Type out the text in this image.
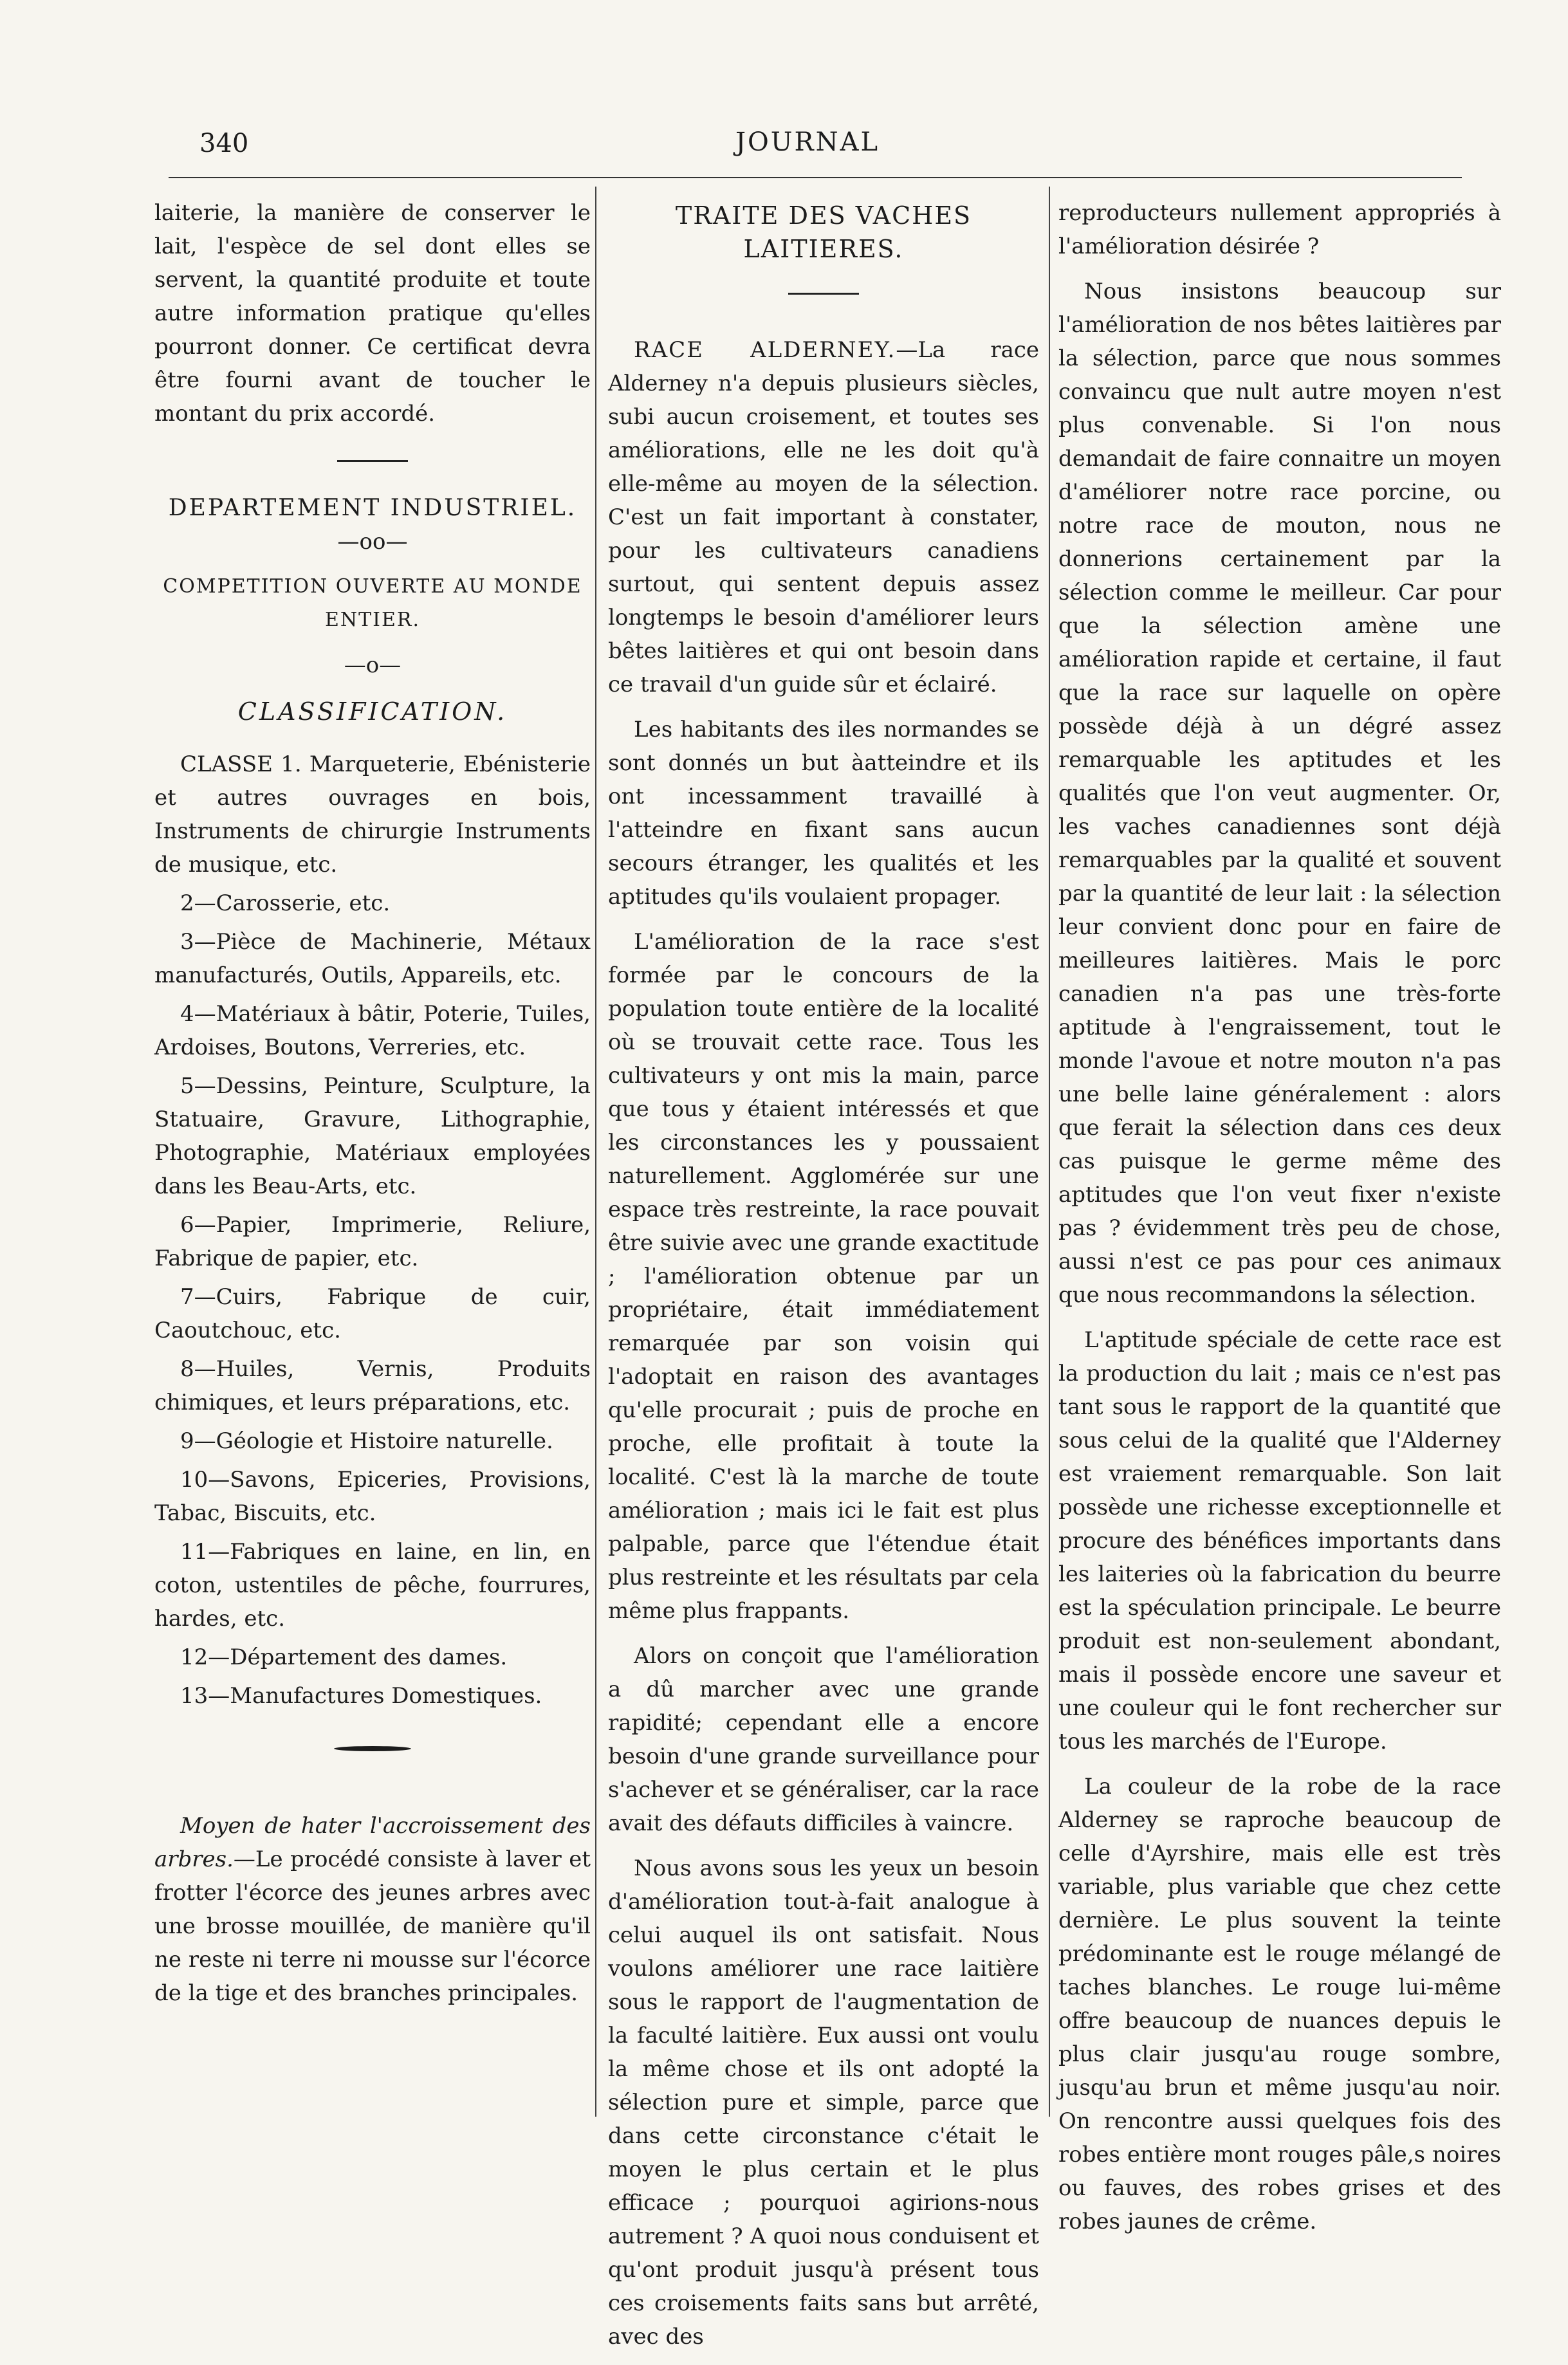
340	JOURNAL

laiterie, la manière de conserver le lait, l'espèce de sel dont elles se servent, la quantité produite et toute autre information pratique qu'elles pourront donner. Ce certificat devra être fourni avant de toucher le montant du prix accordé.

DEPARTEMENT INDUSTRIEL.
—oo—
COMPETITION OUVERTE AU MONDE ENTIER.
—o—
CLASSIFICATION.

CLASSE 1. Marqueterie, Ebénisterie et autres ouvrages en bois, Instruments de chirurgie Instruments de musique, etc.

2—Carosserie, etc.

3—Pièce de Machinerie, Métaux manufacturés, Outils, Appareils, etc.

4—Matériaux à bâtir, Poterie, Tuiles, Ardoises, Boutons, Verreries, etc.

5—Dessins, Peinture, Sculpture, la Statuaire, Gravure, Lithographie, Photographie, Matériaux employées dans les Beau-Arts, etc.

6—Papier, Imprimerie, Reliure, Fabrique de papier, etc.

7—Cuirs, Fabrique de cuir, Caoutchouc, etc.

8—Huiles, Vernis, Produits chimiques, et leurs préparations, etc.

9—Géologie et Histoire naturelle.

10—Savons, Epiceries, Provisions, Tabac, Biscuits, etc.

11—Fabriques en laine, en lin, en coton, ustentiles de pêche, fourrures, hardes, etc.

12—Département des dames.

13—Manufactures Domestiques.

Moyen de hater l'accroissement des arbres.—Le procédé consiste à laver et frotter l'écorce des jeunes arbres avec une brosse mouillée, de manière qu'il ne reste ni terre ni mousse sur l'écorce de la tige et des branches principales.

TRAITE DES VACHES LAITIERES.

RACE ALDERNEY.—La race Alderney n'a depuis plusieurs siècles, subi aucun croisement, et toutes ses améliorations, elle ne les doit qu'à elle-même au moyen de la sélection. C'est un fait important à constater, pour les cultivateurs canadiens surtout, qui sentent depuis assez longtemps le besoin d'améliorer leurs bêtes laitières et qui ont besoin dans ce travail d'un guide sûr et éclairé.

Les habitants des iles normandes se sont donnés un but àatteindre et ils ont incessamment travaillé à l'atteindre en fixant sans aucun secours étranger, les qualités et les aptitudes qu'ils voulaient propager.

L'amélioration de la race s'est formée par le concours de la population toute entière de la localité où se trouvait cette race. Tous les cultivateurs y ont mis la main, parce que tous y étaient intéressés et que les circonstances les y poussaient naturellement. Agglomérée sur une espace très restreinte, la race pouvait être suivie avec une grande exactitude ; l'amélioration obtenue par un propriétaire, était immédiatement remarquée par son voisin qui l'adoptait en raison des avantages qu'elle procurait ; puis de proche en proche, elle profitait à toute la localité. C'est là la marche de toute amélioration ; mais ici le fait est plus palpable, parce que l'étendue était plus restreinte et les résultats par cela même plus frappants.

Alors on conçoit que l'amélioration a dû marcher avec une grande rapidité; cependant elle a encore besoin d'une grande surveillance pour s'achever et se généraliser, car la race avait des défauts difficiles à vaincre.

Nous avons sous les yeux un besoin d'amélioration tout-à-fait analogue à celui auquel ils ont satisfait. Nous voulons améliorer une race laitière sous le rapport de l'augmentation de la faculté laitière. Eux aussi ont voulu la même chose et ils ont adopté la sélection pure et simple, parce que dans cette circonstance c'était le moyen le plus certain et le plus efficace ; pourquoi agirions-nous autrement ? A quoi nous conduisent et qu'ont produit jusqu'à présent tous ces croisements faits sans but arrêté, avec des

reproducteurs nullement appropriés à l'amélioration désirée ?

Nous insistons beaucoup sur l'amélioration de nos bêtes laitières par la sélection, parce que nous sommes convaincu que nult autre moyen n'est plus convenable. Si l'on nous demandait de faire connaitre un moyen d'améliorer notre race porcine, ou notre race de mouton, nous ne donnerions certainement par la sélection comme le meilleur. Car pour que la sélection amène une amélioration rapide et certaine, il faut que la race sur laquelle on opère possède déjà à un dégré assez remarquable les aptitudes et les qualités que l'on veut augmenter. Or, les vaches canadiennes sont déjà remarquables par la qualité et souvent par la quantité de leur lait : la sélection leur convient donc pour en faire de meilleures laitières. Mais le porc canadien n'a pas une très-forte aptitude à l'engraissement, tout le monde l'avoue et notre mouton n'a pas une belle laine généralement : alors que ferait la sélection dans ces deux cas puisque le germe même des aptitudes que l'on veut fixer n'existe pas ? évidemment très peu de chose, aussi n'est ce pas pour ces animaux que nous recommandons la sélection.

L'aptitude spéciale de cette race est la production du lait ; mais ce n'est pas tant sous le rapport de la quantité que sous celui de la qualité que l'Alderney est vraiement remarquable. Son lait possède une richesse exceptionnelle et procure des bénéfices importants dans les laiteries où la fabrication du beurre est la spéculation principale. Le beurre produit est non-seulement abondant, mais il possède encore une saveur et une couleur qui le font rechercher sur tous les marchés de l'Europe.

La couleur de la robe de la race Alderney se raproche beaucoup de celle d'Ayrshire, mais elle est très variable, plus variable que chez cette dernière. Le plus souvent la teinte prédominante est le rouge mélangé de taches blanches. Le rouge lui-même offre beaucoup de nuances depuis le plus clair jusqu'au rouge sombre, jusqu'au brun et même jusqu'au noir. On rencontre aussi quelques fois des robes entière mont rouges pâle,s noires ou fauves, des robes grises et des robes jaunes de crême.
